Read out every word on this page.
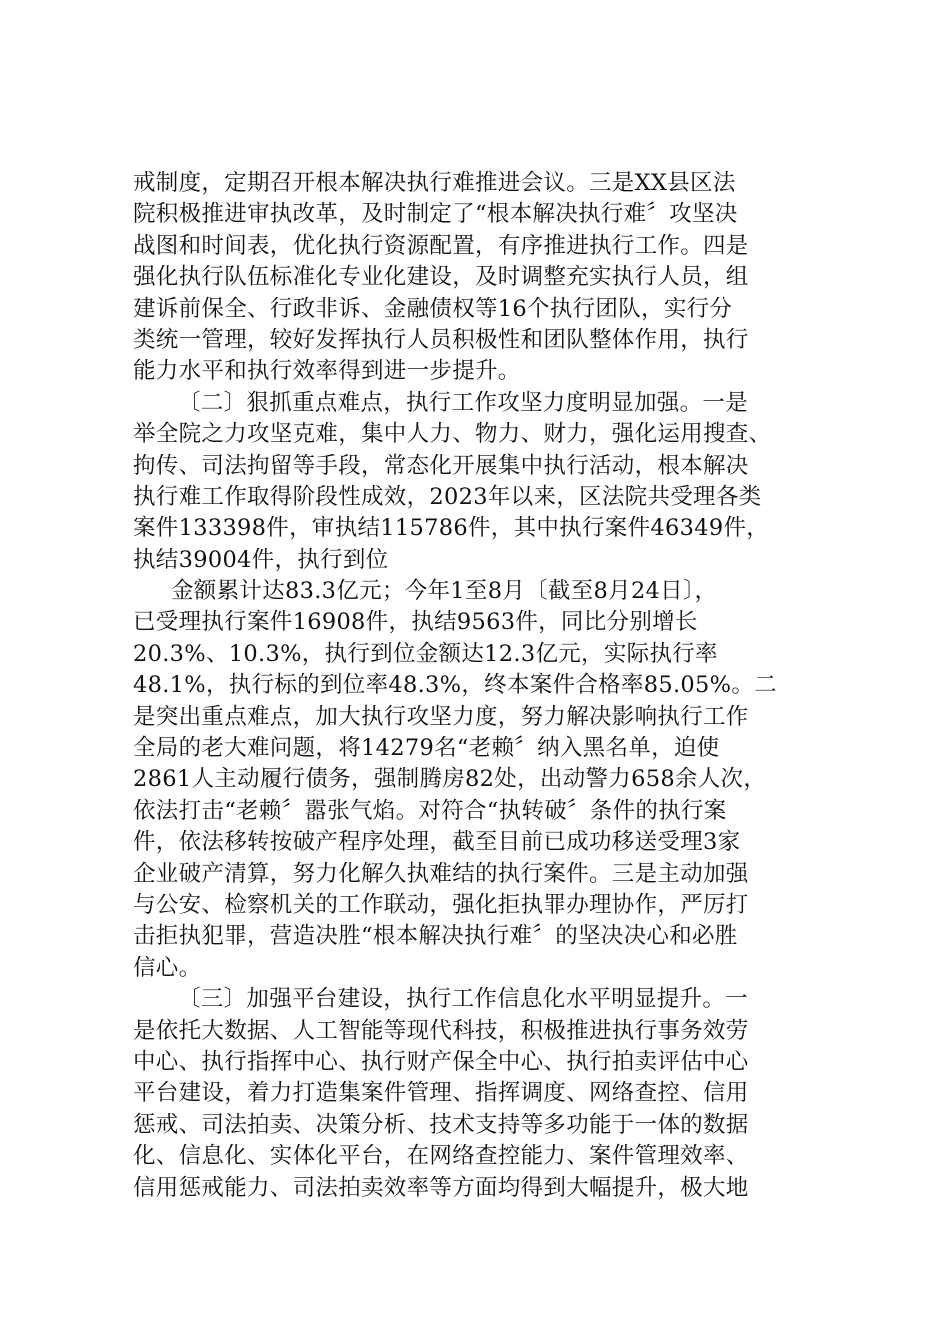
戒制度，定期召开根本解决执行难推进会议。三是XX县区法
院积极推进审执改革，及时制定了“根本解决执行难〞攻坚决
战图和时间表，优化执行资源配置，有序推进执行工作。四是
强化执行队伍标准化专业化建设，及时调整充实执行人员，组
建诉前保全、行政非诉、金融债权等16个执行团队，实行分
类统一管理，较好发挥执行人员积极性和团队整体作用，执行
能力水平和执行效率得到进一步提升。
〔二〕狠抓重点难点，执行工作攻坚力度明显加强。一是
举全院之力攻坚克难，集中人力、物力、财力，强化运用搜查、
拘传、司法拘留等手段，常态化开展集中执行活动，根本解决
执行难工作取得阶段性成效，2023年以来，区法院共受理各类
案件133398件，审执结115786件，其中执行案件46349件，
执结39004件，执行到位
金额累计达83.3亿元；今年1至8月〔截至8月24日〕，
已受理执行案件16908件，执结9563件，同比分别增长
20.3%、10.3%，执行到位金额达12.3亿元，实际执行率
48.1%，执行标的到位率48.3%，终本案件合格率85.05%。二
是突出重点难点，加大执行攻坚力度，努力解决影响执行工作
全局的老大难问题，将14279名“老赖〞纳入黑名单，迫使
2861人主动履行债务，强制腾房82处，出动警力658余人次，
依法打击“老赖〞嚣张气焰。对符合“执转破〞条件的执行案
件，依法移转按破产程序处理，截至目前已成功移送受理3家
企业破产清算，努力化解久执难结的执行案件。三是主动加强
与公安、检察机关的工作联动，强化拒执罪办理协作，严厉打
击拒执犯罪，营造决胜“根本解决执行难〞的坚决决心和必胜
信心。
〔三〕加强平台建设，执行工作信息化水平明显提升。一
是依托大数据、人工智能等现代科技，积极推进执行事务效劳
中心、执行指挥中心、执行财产保全中心、执行拍卖评估中心
平台建设，着力打造集案件管理、指挥调度、网络查控、信用
惩戒、司法拍卖、决策分析、技术支持等多功能于一体的数据
化、信息化、实体化平台，在网络查控能力、案件管理效率、
信用惩戒能力、司法拍卖效率等方面均得到大幅提升，极大地
